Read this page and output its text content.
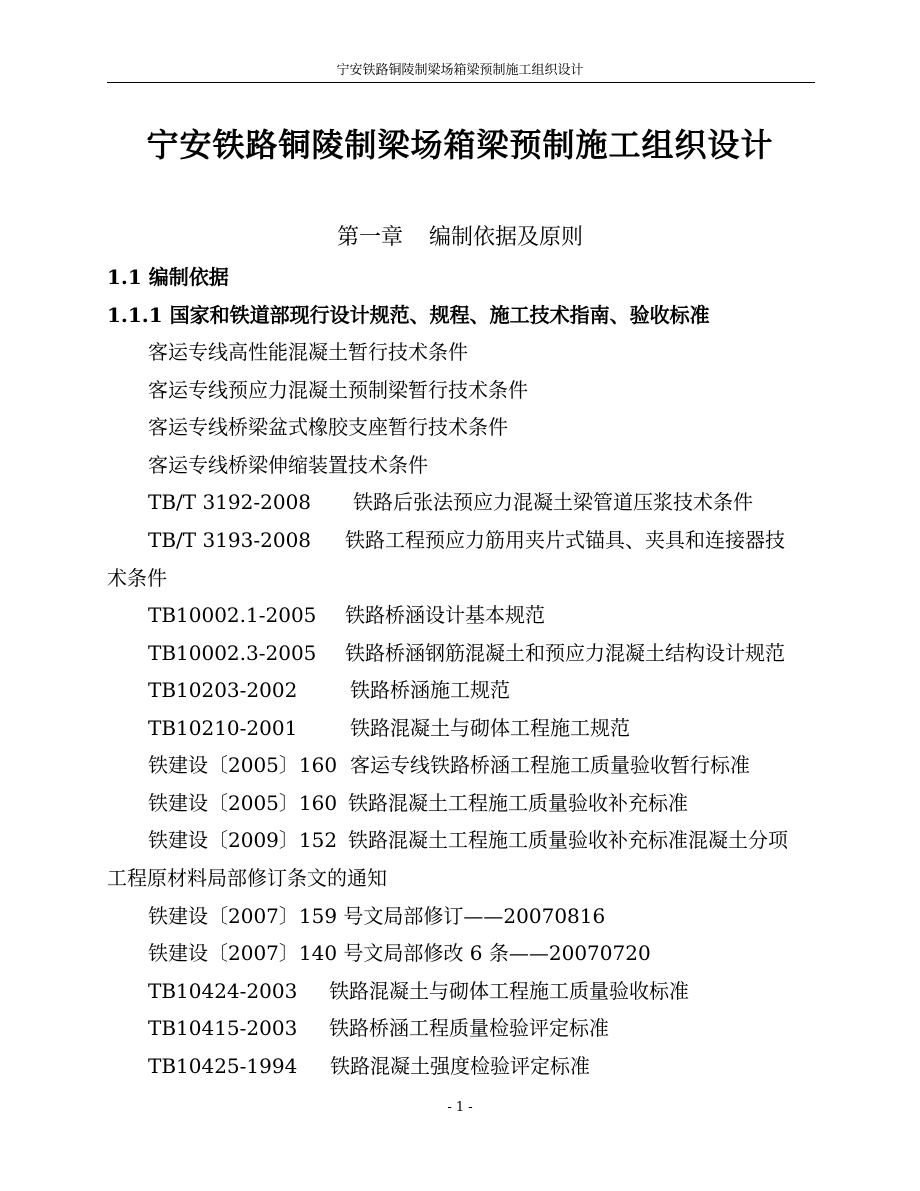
宁安铁路铜陵制梁场箱梁预制施工组织设计
宁安铁路铜陵制梁场箱梁预制施工组织设计
第一章 编制依据及原则
1.1 编制依据
1.1.1 国家和铁道部现行设计规范、规程、施工技术指南、验收标准
客运专线高性能混凝土暂行技术条件
客运专线预应力混凝土预制梁暂行技术条件
客运专线桥梁盆式橡胶支座暂行技术条件
客运专线桥梁伸缩装置技术条件
TB/T 3192-2008 铁路后张法预应力混凝土梁管道压浆技术条件
TB/T 3193-2008 铁路工程预应力筋用夹片式锚具、夹具和连接器技
术条件
TB10002.1-2005 铁路桥涵设计基本规范
TB10002.3-2005 铁路桥涵钢筋混凝土和预应力混凝土结构设计规范
TB10203-2002	铁路桥涵施工规范
TB10210-2001	铁路混凝土与砌体工程施工规范
铁建设〔2005〕160 客运专线铁路桥涵工程施工质量验收暂行标准
铁建设〔2005〕160 铁路混凝土工程施工质量验收补充标准
铁建设〔2009〕152 铁路混凝土工程施工质量验收补充标准混凝土分项
工程原材料局部修订条文的通知
铁建设〔2007〕159 号文局部修订——20070816
铁建设〔2007〕140 号文局部修改 6 条——20070720
TB10424-2003 铁路混凝土与砌体工程施工质量验收标准
TB10415-2003 铁路桥涵工程质量检验评定标准
TB10425-1994 铁路混凝土强度检验评定标准
- 1 -
